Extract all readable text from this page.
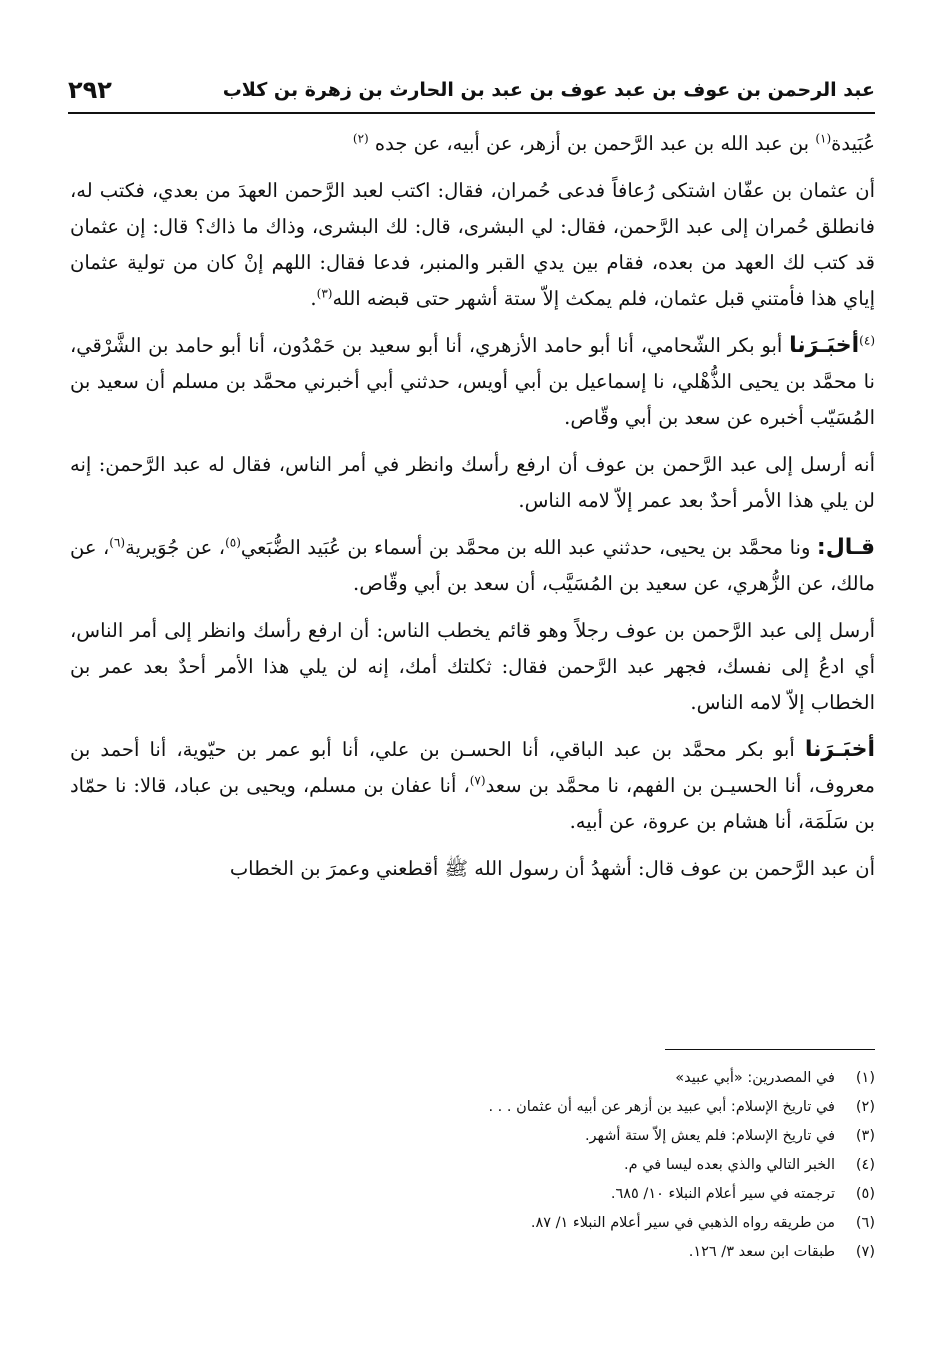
عبد الرحمن بن عوف بن عبد عوف بن عبد بن الحارث بن زهرة بن كلاب
٢٩٢

عُبَيدة$^{(١)}$ بن عبد الله بن عبد الرَّحمن بن أزهر، عن أبيه، عن جده $^{(٢)}$

أن عثمان بن عفّان اشتكى رُعافاً فدعى حُمران، فقال: اكتب لعبد الرَّحمن العهدَ من بعدي، فكتب له، فانطلق حُمران إلى عبد الرَّحمن، فقال: لي البشرى، قال: لك البشرى، وذاك ما ذاك؟ قال: إن عثمان قد كتب لك العهد من بعده، فقام بين يدي القبر والمنبر، فدعا فقال: اللهم إنْ كان من تولية عثمان إياي هذا فأمتني قبل عثمان، فلم يمكث إلاّ ستة أشهر حتى قبضه الله$^{(٣)}$.

$^{(٤)}$أخبَـرَنا أبو بكر الشّحامي، أنا أبو حامد الأزهري، أنا أبو سعيد بن حَمْدُون، أنا أبو حامد بن الشَّرْقي، نا محمَّد بن يحيى الذُّهْلي، نا إسماعيل بن أبي أويس، حدثني أبي أخبرني محمَّد بن مسلم أن سعيد بن المُسَيّب أخبره عن سعد بن أبي وقّاص.

أنه أرسل إلى عبد الرَّحمن بن عوف أن ارفع رأسك وانظر في أمر الناس، فقال له عبد الرَّحمن: إنه لن يلي هذا الأمر أحدٌ بعد عمر إلاّ لامه الناس.

قـال: ونا محمَّد بن يحيى، حدثني عبد الله بن محمَّد بن أسماء بن عُبَيد الضُّبَعي$^{(٥)}$، عن جُوَيرية$^{(٦)}$، عن مالك، عن الزُّهري، عن سعيد بن المُسَيَّب، أن سعد بن أبي وقّاص.

أرسل إلى عبد الرَّحمن بن عوف رجلاً وهو قائم يخطب الناس: أن ارفع رأسك وانظر إلى أمر الناس، أي ادعُ إلى نفسك، فجهر عبد الرَّحمن فقال: ثكلتك أمك، إنه لن يلي هذا الأمر أحدٌ بعد عمر بن الخطاب إلاّ لامه الناس.

أخبَـرَنا أبو بكر محمَّد بن عبد الباقي، أنا الحسـن بن علي، أنا أبو عمر بن حيّوية، أنا أحمد بن معروف، أنا الحسيـن بن الفهم، نا محمَّد بن سعد$^{(٧)}$، أنا عفان بن مسلم، ويحيى بن عباد، قالا: نا حمّاد بن سَلَمَة، أنا هشام بن عروة، عن أبيه.

أن عبد الرَّحمن بن عوف قال: أشهدُ أن رسول الله ﷺ أقطعني وعمرَ بن الخطاب

(١)
في المصدرين: «أبي عبيد»
(٢)
في تاريخ الإسلام: أبي عبيد بن أزهر عن أبيه أن عثمان . . .
(٣)
في تاريخ الإسلام: فلم يعش إلاّ ستة أشهر.
(٤)
الخبر التالي والذي بعده ليسا في م.
(٥)
ترجمته في سير أعلام النبلاء ١٠/ ٦٨٥.
(٦)
من طريقه رواه الذهبي في سير أعلام النبلاء ١/ ٨٧.
(٧)
طبقات ابن سعد ٣/ ١٢٦.
